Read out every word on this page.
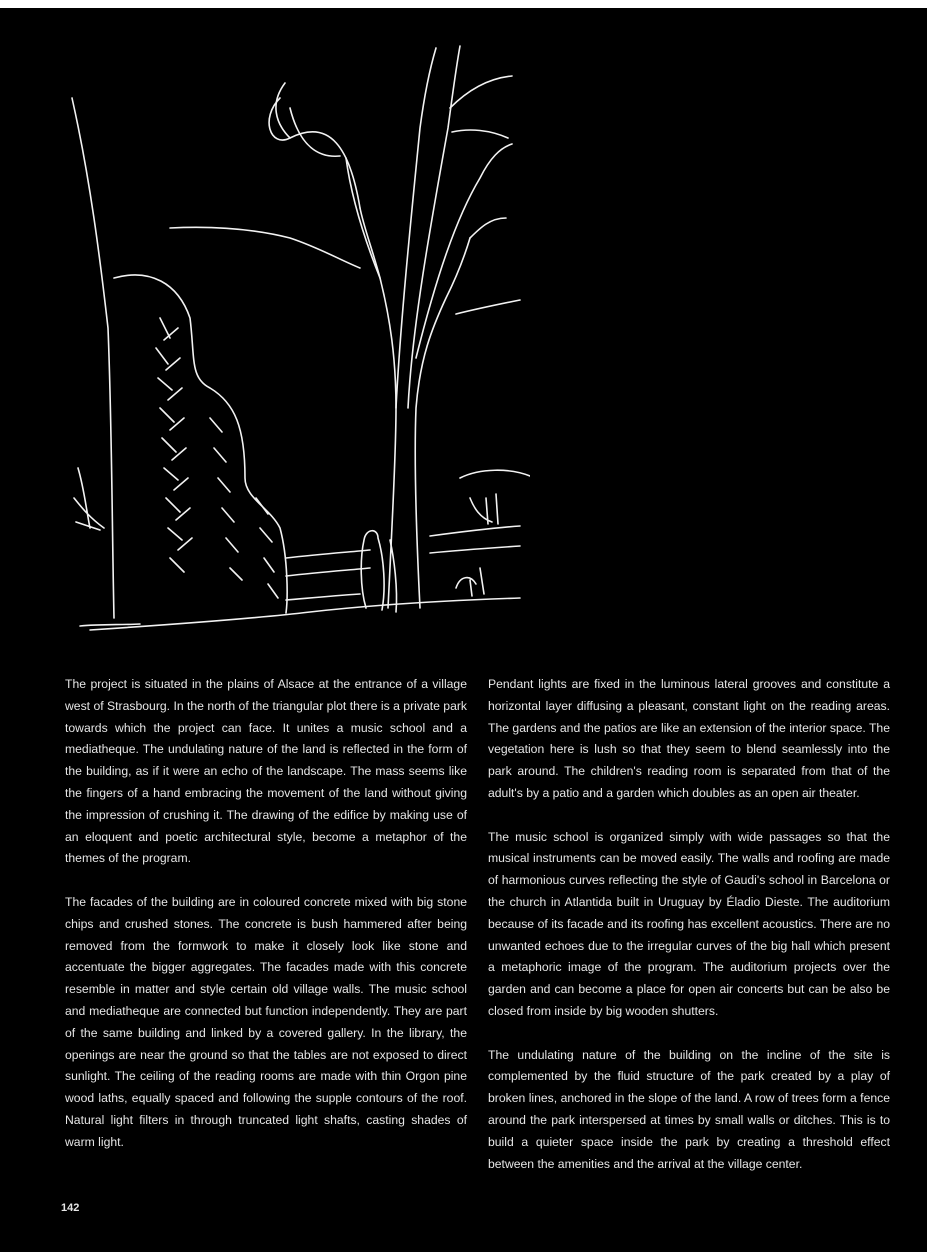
The project is situated in the plains of Alsace at the entrance of a village west of Strasbourg. In the north of the triangular plot there is a private park towards which the project can face. It unites a music school and a mediatheque. The undulating nature of the land is reflected in the form of the building, as if it were an echo of the landscape. The mass seems like the fingers of a hand embracing the movement of the land without giving the impression of crushing it. The drawing of the edifice by making use of an eloquent and poetic architectural style, become a metaphor of the themes of the program.

The facades of the building are in coloured concrete mixed with big stone chips and crushed stones. The concrete is bush hammered after being removed from the formwork to make it closely look like stone and accentuate the bigger aggregates. The facades made with this concrete resemble in matter and style certain old village walls. The music school and mediatheque are connected but function independently. They are part of the same building and linked by a covered gallery. In the library, the openings are near the ground so that the tables are not exposed to direct sunlight. The ceiling of the reading rooms are made with thin Orgon pine wood laths, equally spaced and following the supple contours of the roof. Natural light filters in through truncated light shafts, casting shades of warm light.

Pendant lights are fixed in the luminous lateral grooves and constitute a horizontal layer diffusing a pleasant, constant light on the reading areas. The gardens and the patios are like an extension of the interior space. The vegetation here is lush so that they seem to blend seamlessly into the park around. The children's reading room is separated from that of the adult's by a patio and a garden which doubles as an open air theater.

The music school is organized simply with wide passages so that the musical instruments can be moved easily. The walls and roofing are made of harmonious curves reflecting the style of Gaudi's school in Barcelona or the church in Atlantida built in Uruguay by Éladio Dieste. The auditorium because of its facade and its roofing has excellent acoustics. There are no unwanted echoes due to the irregular curves of the big hall which present a metaphoric image of the program. The auditorium projects over the garden and can become a place for open air concerts but can be also be closed from inside by big wooden shutters.

The undulating nature of the building on the incline of the site is complemented by the fluid structure of the park created by a play of broken lines, anchored in the slope of the land. A row of trees form a fence around the park interspersed at times by small walls or ditches. This is to build a quieter space inside the park by creating a threshold effect between the amenities and the arrival at the village center.

142
